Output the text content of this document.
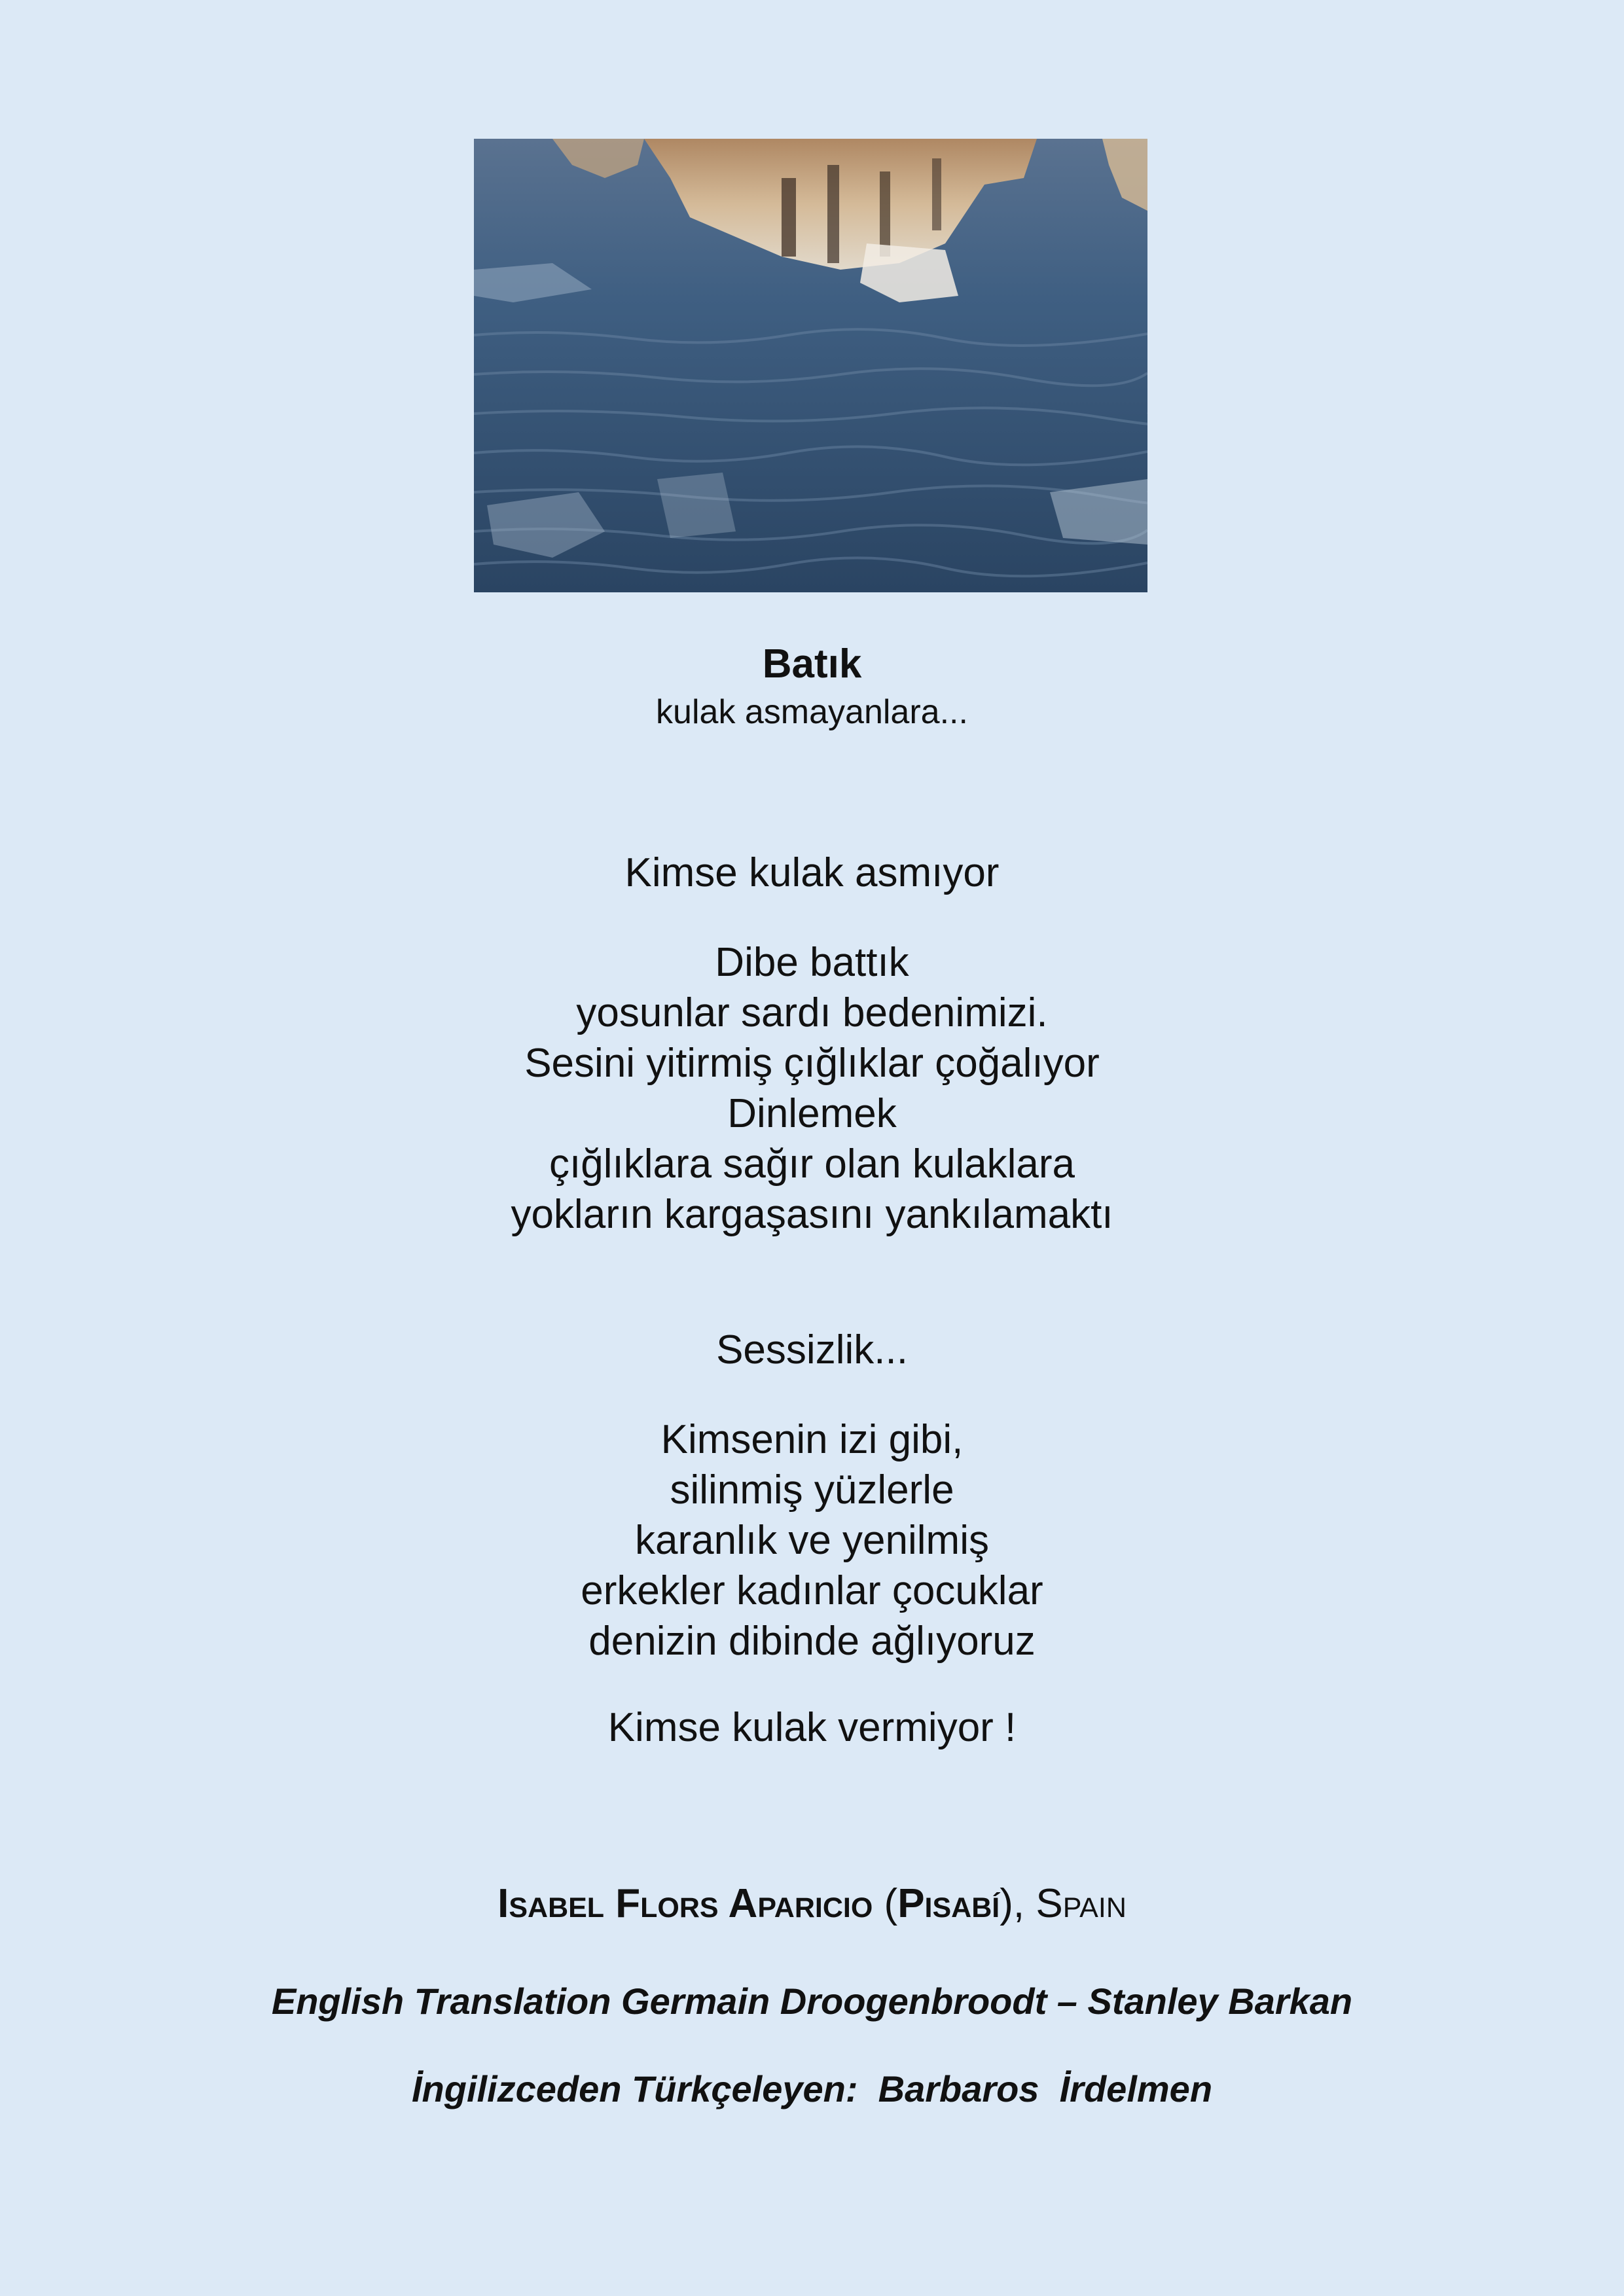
Batık
kulak asmayanlara...
Kimse kulak asmıyor
Dibe battık
yosunlar sardı bedenimizi.
Sesini yitirmiş çığlıklar çoğalıyor
Dinlemek
çığlıklara sağır olan kulaklara
yokların kargaşasını yankılamaktı
Sessizlik...
Kimsenin izi gibi,
silinmiş yüzlerle
karanlık ve yenilmiş
erkekler kadınlar çocuklar
denizin dibinde ağlıyoruz
Kimse kulak vermiyor !
Isabel Flors Aparicio (Pisabí), Spain
English Translation Germain Droogenbroodt – Stanley Barkan
İngilizceden Türkçeleyen:  Barbaros  İrdelmen
